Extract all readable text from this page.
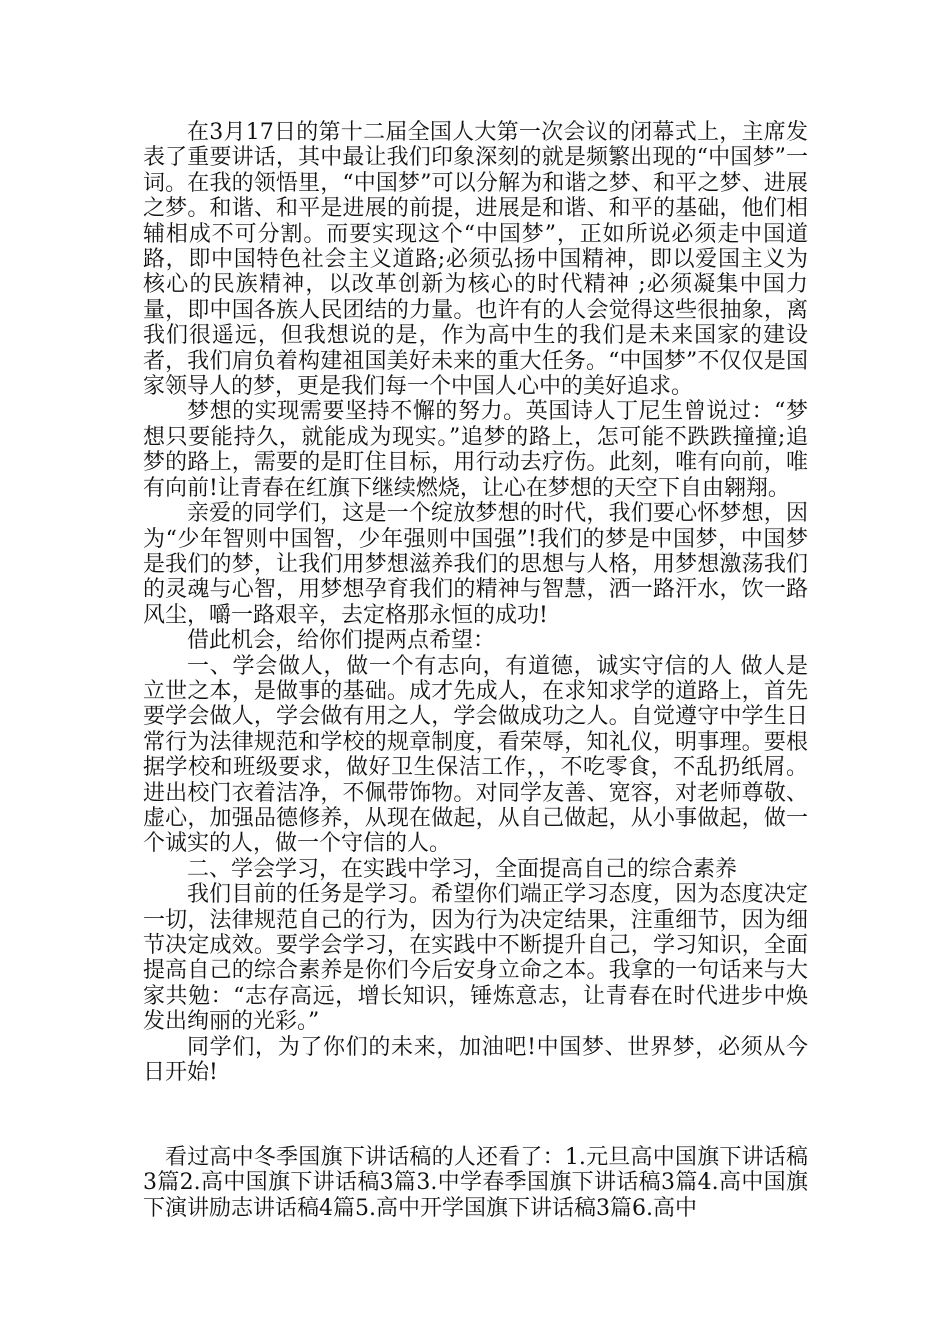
在3月17日的第十二届全国人大第一次会议的闭幕式上，主席发表了重要讲话，其中最让我们印象深刻的就是频繁出现的“中国梦”一词。在我的领悟里，“中国梦”可以分解为和谐之梦、和平之梦、进展之梦。和谐、和平是进展的前提，进展是和谐、和平的基础，他们相辅相成不可分割。而要实现这个“中国梦”，正如所说必须走中国道路，即中国特色社会主义道路;必须弘扬中国精神，即以爱国主义为核心的民族精神，以改革创新为核心的时代精神 ;必须凝集中国力量，即中国各族人民团结的力量。也许有的人会觉得这些很抽象，离我们很遥远，但我想说的是，作为高中生的我们是未来国家的建设者，我们肩负着构建祖国美好未来的重大任务。“中国梦”不仅仅是国家领导人的梦，更是我们每一个中国人心中的美好追求。

梦想的实现需要坚持不懈的努力。英国诗人丁尼生曾说过：“梦想只要能持久，就能成为现实。”追梦的路上，怎可能不跌跌撞撞;追梦的路上，需要的是盯住目标，用行动去疗伤。此刻，唯有向前，唯有向前!让青春在红旗下继续燃烧，让心在梦想的天空下自由翱翔。

亲爱的同学们，这是一个绽放梦想的时代，我们要心怀梦想，因为“少年智则中国智，少年强则中国强”!我们的梦是中国梦，中国梦是我们的梦，让我们用梦想滋养我们的思想与人格，用梦想激荡我们的灵魂与心智，用梦想孕育我们的精神与智慧，洒一路汗水，饮一路风尘，嚼一路艰辛，去定格那永恒的成功!

借此机会，给你们提两点希望：

一、学会做人，做一个有志向，有道德，诚实守信的人 做人是立世之本，是做事的基础。成才先成人，在求知求学的道路上，首先要学会做人，学会做有用之人，学会做成功之人。自觉遵守中学生日常行为法律规范和学校的规章制度，看荣辱，知礼仪，明事理。要根据学校和班级要求，做好卫生保洁工作，，不吃零食，不乱扔纸屑。进出校门衣着洁净，不佩带饰物。对同学友善、宽容，对老师尊敬、虚心，加强品德修养，从现在做起，从自己做起，从小事做起，做一个诚实的人，做一个守信的人。

二、学会学习，在实践中学习，全面提高自己的综合素养

我们目前的任务是学习。希望你们端正学习态度，因为态度决定一切，法律规范自己的行为，因为行为决定结果，注重细节，因为细节决定成效。要学会学习，在实践中不断提升自己，学习知识，全面提高自己的综合素养是你们今后安身立命之本。我拿的一句话来与大家共勉：“志存高远，增长知识，锤炼意志，让青春在时代进步中焕发出绚丽的光彩。”

同学们，为了你们的未来，加油吧!中国梦、世界梦，必须从今日开始!

看过高中冬季国旗下讲话稿的人还看了：1.元旦高中国旗下讲话稿3篇2.高中国旗下讲话稿3篇3.中学春季国旗下讲话稿3篇4.高中国旗下演讲励志讲话稿4篇5.高中开学国旗下讲话稿3篇6.高中
